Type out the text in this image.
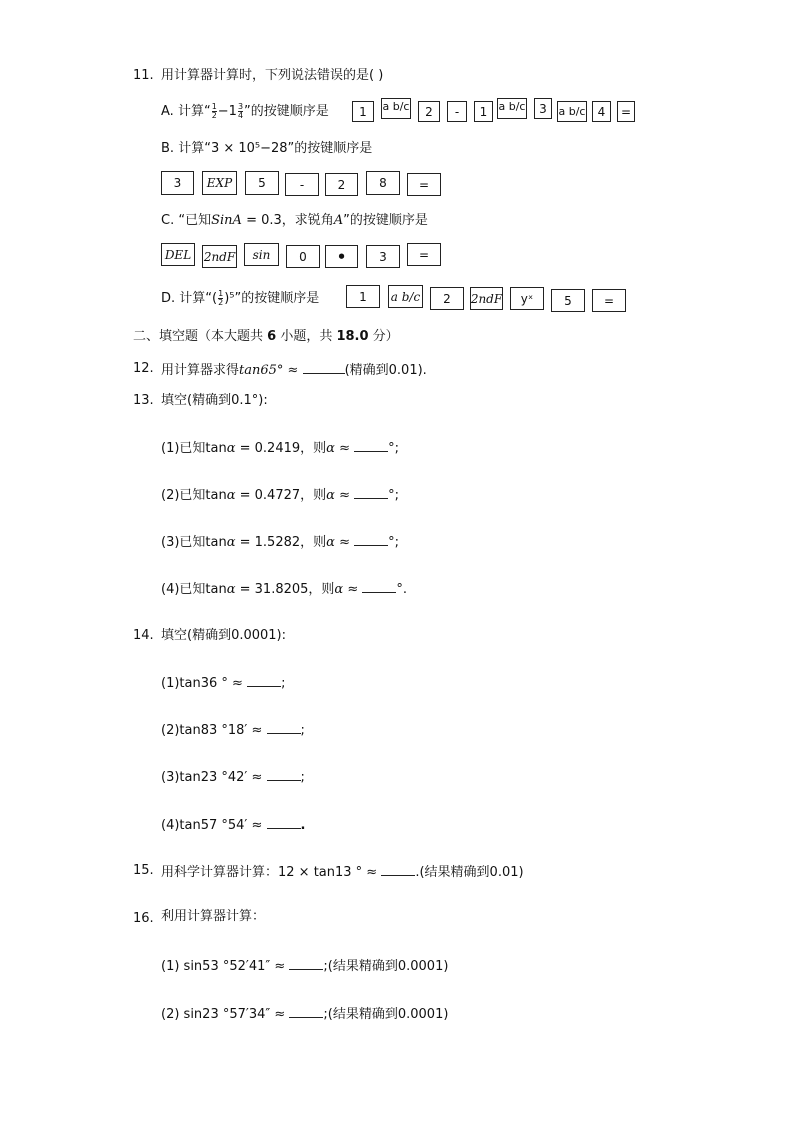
11. 用计算器计算时，下列说法错误的是( )
A. 计算“ $\frac{1}{2} -1 \frac{3}{4}$ ”的按键顺序是	1	a b/c	2	-	1	a b/c	3	a b/c	4	=
B. 计算“3 × 10⁵−28”的按键顺序是
3	EXP	5	-	2	8	=
C. “已知SinA = 0.3，求锐角A”的按键顺序是
DEL	2ndF	sin	0	•	3	=
D. 计算“( $\frac{1}{2} )^5$”的按键顺序是	1	a b/c	2	2ndF	yˣ	5	=
二、填空题（本大题共 6 小题，共 18.0 分）
12. 用计算器求得tan65° ≈	(精确到0.01).
13. 填空(精确到0.1°):
(1)已知tanα = 0.2419，则α ≈	°;
(2)已知tanα = 0.4727，则α ≈	°;
(3)已知tanα = 1.5282，则α ≈	°;
(4)已知tanα = 31.8205，则α ≈	°.
14. 填空(精确到0.0001):
(1)tan36 ° ≈	;
(2)tan83 °18′ ≈	;
(3)tan23 °42′ ≈	;
(4)tan57 °54′ ≈	.
15. 用科学计算器计算：12 × tan13 ° ≈	.(结果精确到0.01)
16. 利用计算器计算：
(1) sin53 °52′41″ ≈	;(结果精确到0.0001)
(2) sin23 °57′34″ ≈	;(结果精确到0.0001)
